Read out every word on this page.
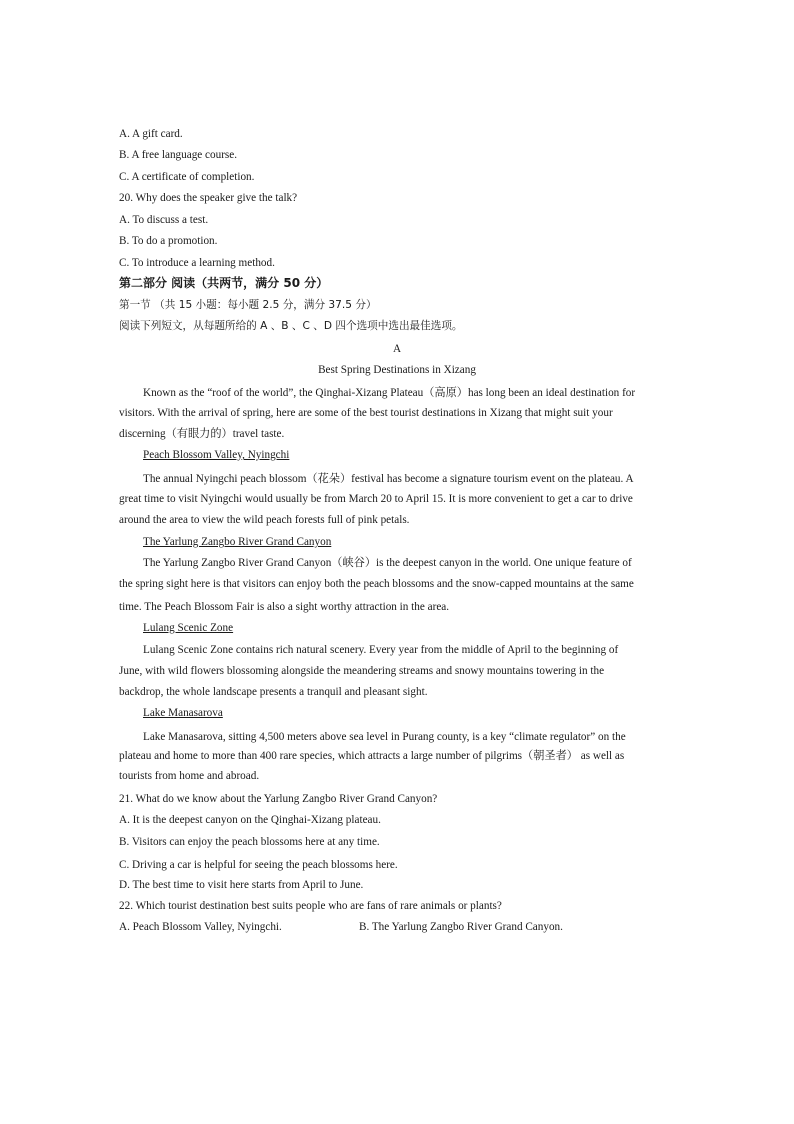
A. A gift card.
B. A free language course.
C. A certificate of completion.
20. Why does the speaker give the talk?
A. To discuss a test.
B. To do a promotion.
C. To introduce a learning method.
第二部分 阅读（共两节，满分 50 分）
第一节 （共 15 小题：每小题 2.5 分，满分 37.5 分）
阅读下列短文，从每题所给的 A 、B 、C 、D 四个选项中选出最佳选项。
A
Best Spring Destinations in Xizang
Known as the “roof of the world”, the Qinghai-Xizang Plateau（高原）has long been an ideal destination for
visitors. With the arrival of spring, here are some of the best tourist destinations in Xizang that might suit your
discerning（有眼力的）travel taste.
Peach Blossom Valley, Nyingchi
The annual Nyingchi peach blossom（花朵）festival has become a signature tourism event on the plateau. A
great time to visit Nyingchi would usually be from March 20 to April 15. It is more convenient to get a car to drive
around the area to view the wild peach forests full of pink petals.
The Yarlung Zangbo River Grand Canyon
The Yarlung Zangbo River Grand Canyon（峡谷）is the deepest canyon in the world. One unique feature of
the spring sight here is that visitors can enjoy both the peach blossoms and the snow-capped mountains at the same
time. The Peach Blossom Fair is also a sight worthy attraction in the area.
Lulang Scenic Zone
Lulang Scenic Zone contains rich natural scenery. Every year from the middle of April to the beginning of
June, with wild flowers blossoming alongside the meandering streams and snowy mountains towering in the
backdrop, the whole landscape presents a tranquil and pleasant sight.
Lake Manasarova
Lake Manasarova, sitting 4,500 meters above sea level in Purang county, is a key “climate regulator” on the
plateau and home to more than 400 rare species, which attracts a large number of pilgrims（朝圣者） as well as
tourists from home and abroad.
21. What do we know about the Yarlung Zangbo River Grand Canyon?
A. It is the deepest canyon on the Qinghai-Xizang plateau.
B. Visitors can enjoy the peach blossoms here at any time.
C. Driving a car is helpful for seeing the peach blossoms here.
D. The best time to visit here starts from April to June.
22. Which tourist destination best suits people who are fans of rare animals or plants?
A. Peach Blossom Valley, Nyingchi.	B. The Yarlung Zangbo River Grand Canyon.
